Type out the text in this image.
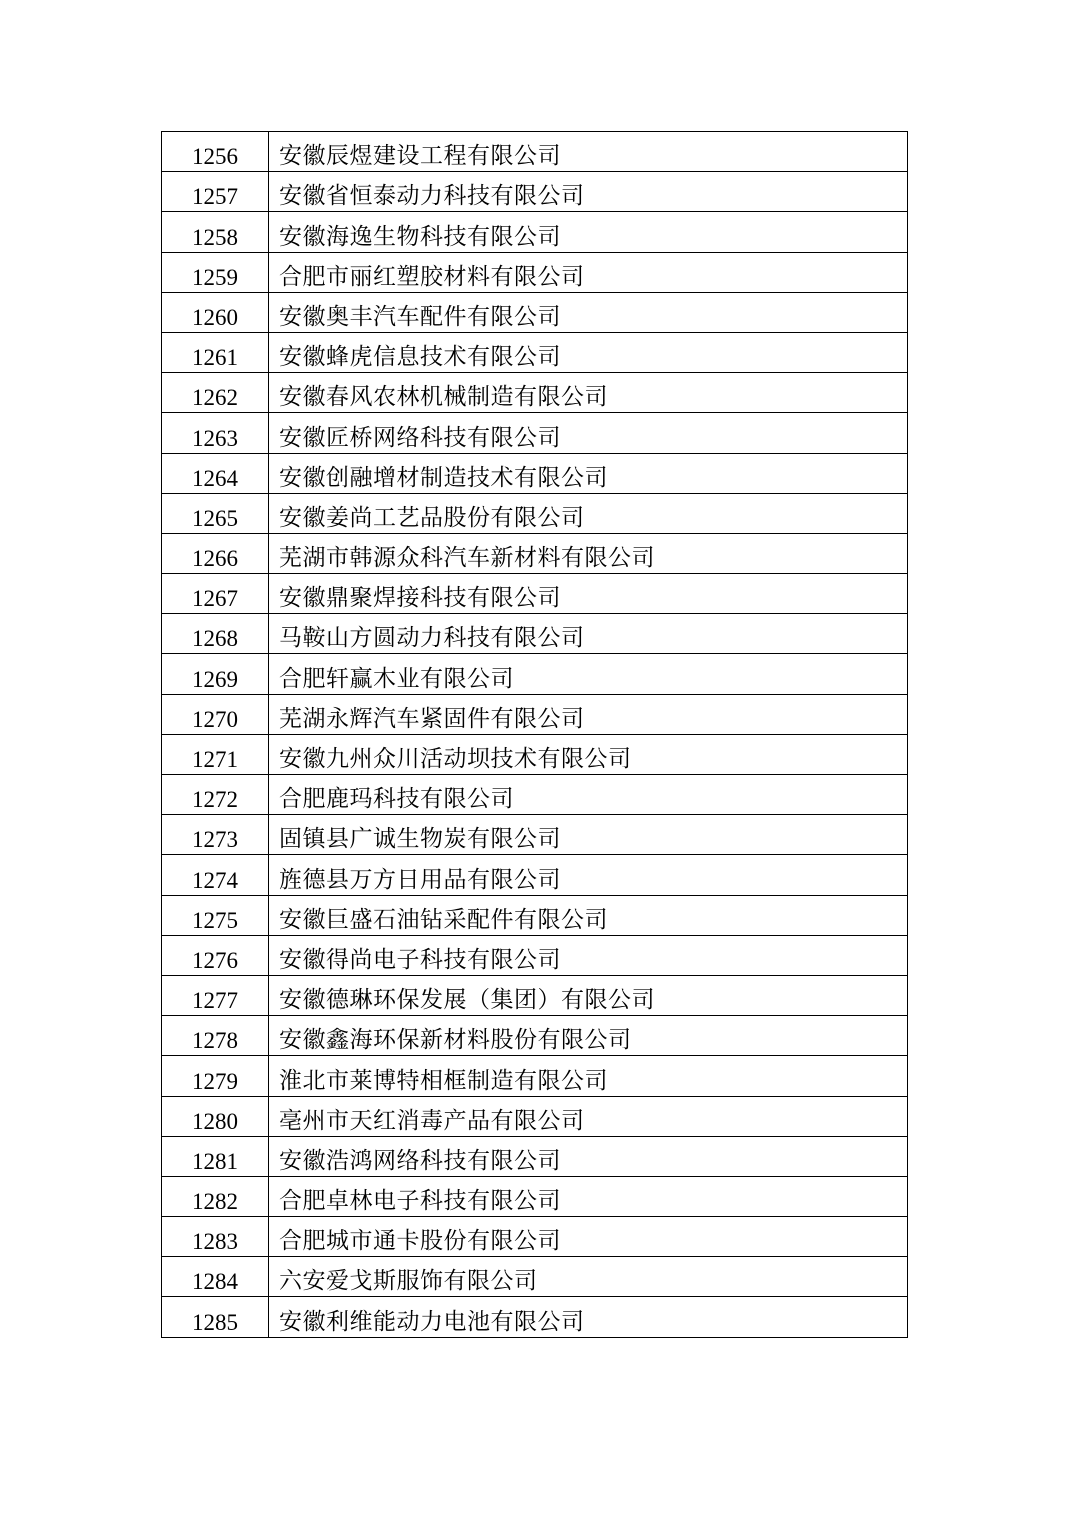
1256	安徽辰煜建设工程有限公司
1257	安徽省恒泰动力科技有限公司
1258	安徽海逸生物科技有限公司
1259	合肥市丽红塑胶材料有限公司
1260	安徽奥丰汽车配件有限公司
1261	安徽蜂虎信息技术有限公司
1262	安徽春风农林机械制造有限公司
1263	安徽匠桥网络科技有限公司
1264	安徽创融增材制造技术有限公司
1265	安徽姜尚工艺品股份有限公司
1266	芜湖市韩源众科汽车新材料有限公司
1267	安徽鼎聚焊接科技有限公司
1268	马鞍山方圆动力科技有限公司
1269	合肥轩赢木业有限公司
1270	芜湖永辉汽车紧固件有限公司
1271	安徽九州众川活动坝技术有限公司
1272	合肥鹿玛科技有限公司
1273	固镇县广诚生物炭有限公司
1274	旌德县万方日用品有限公司
1275	安徽巨盛石油钻采配件有限公司
1276	安徽得尚电子科技有限公司
1277	安徽德琳环保发展（集团）有限公司
1278	安徽鑫海环保新材料股份有限公司
1279	淮北市莱博特相框制造有限公司
1280	亳州市天红消毒产品有限公司
1281	安徽浩鸿网络科技有限公司
1282	合肥卓林电子科技有限公司
1283	合肥城市通卡股份有限公司
1284	六安爱戈斯服饰有限公司
1285	安徽利维能动力电池有限公司
